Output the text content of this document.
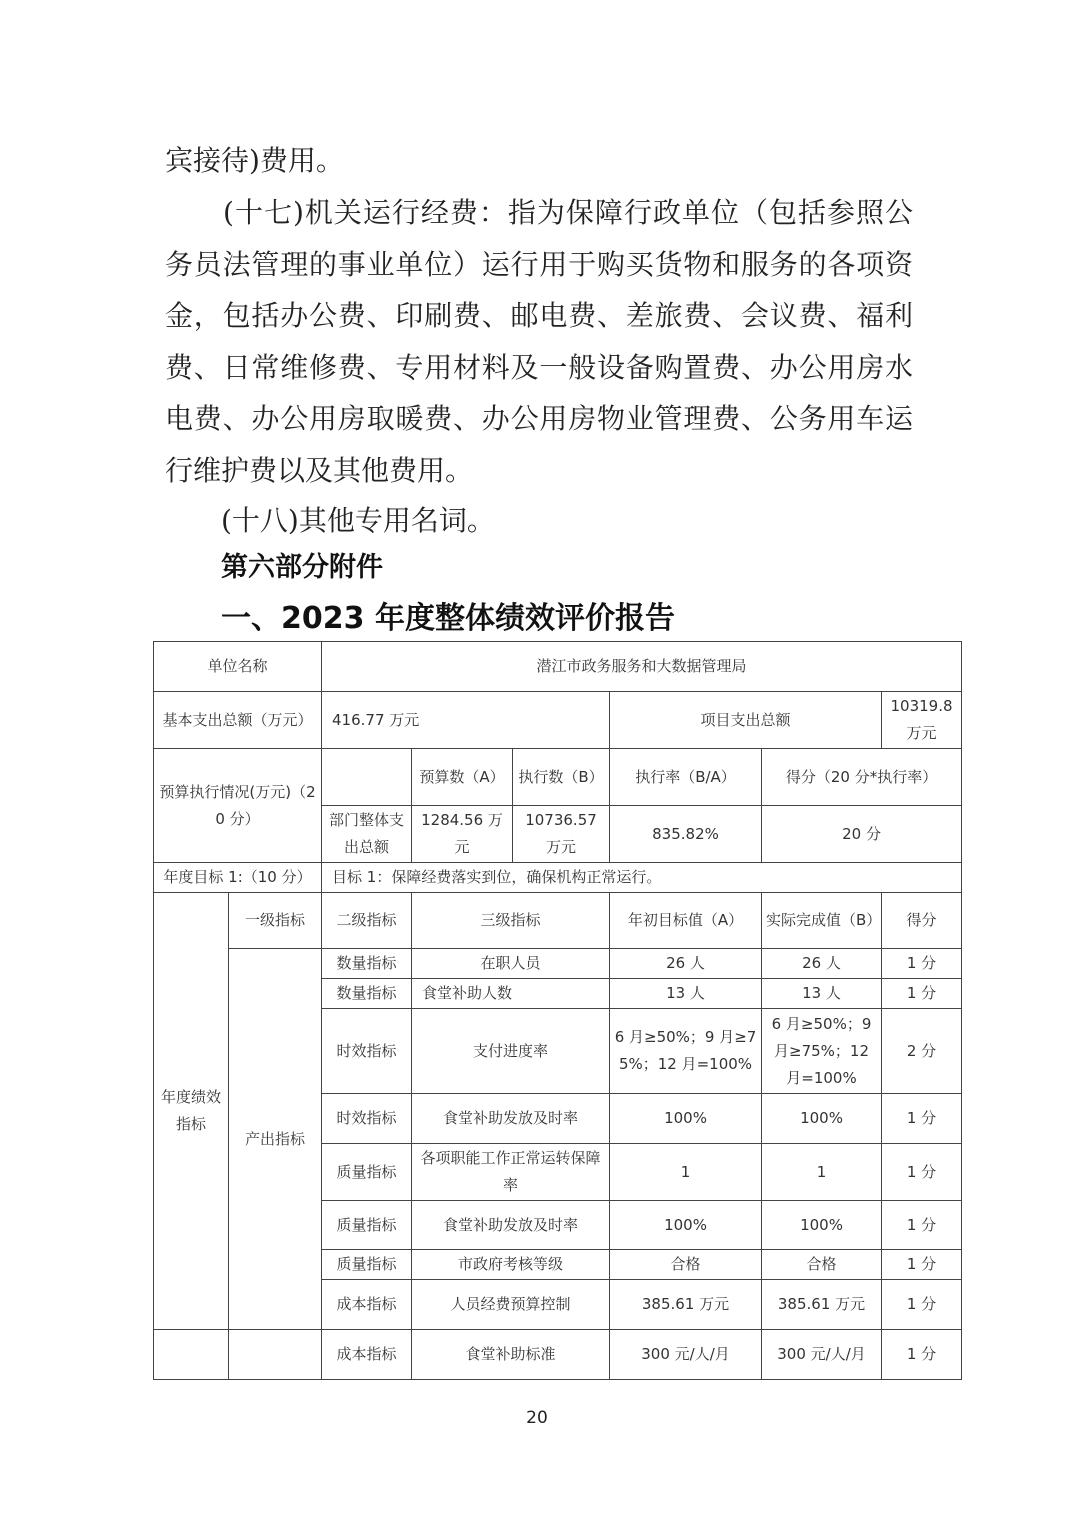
宾接待)费用。
　　(十七)机关运行经费：指为保障行政单位（包括参照公务员法管理的事业单位）运行用于购买货物和服务的各项资金，包括办公费、印刷费、邮电费、差旅费、会议费、福利费、日常维修费、专用材料及一般设备购置费、办公用房水电费、办公用房取暖费、办公用房物业管理费、公务用车运行维护费以及其他费用。
　　(十八)其他专用名词。
第六部分附件
一、2023 年度整体绩效评价报告
单位名称		潜江市政务服务和大数据管理局					
基本支出总额（万元）		416.77 万元			项目支出总额		10319.8 万元
预算执行情况(万元)（20 分）			预算数（A）	执行数（B）	执行率（B/A）	得分（20 分*执行率）	
		部门整体支出总额	1284.56 万元	10736.57 万元	835.82%	20 分	
年度目标 1:（10 分）		目标 1：保障经费落实到位，确保机构正常运行。					
年度绩效指标	一级指标	二级指标	三级指标		年初目标值（A）	实际完成值（B）	得分
	产出指标	数量指标	在职人员		26 人	26 人	1 分
		数量指标	食堂补助人数		13 人	13 人	1 分
		时效指标	支付进度率		6 月≥50%；9 月≥75%；12 月=100%	6 月≥50%；9 月≥75%；12 月=100%	2 分
		时效指标	食堂补助发放及时率		100%	100%	1 分
		质量指标	各项职能工作正常运转保障率		1	1	1 分
		质量指标	食堂补助发放及时率		100%	100%	1 分
		质量指标	市政府考核等级		合格	合格	1 分
		成本指标	人员经费预算控制		385.61 万元	385.61 万元	1 分
		成本指标	食堂补助标准		300 元/人/月	300 元/人/月	1 分
20
